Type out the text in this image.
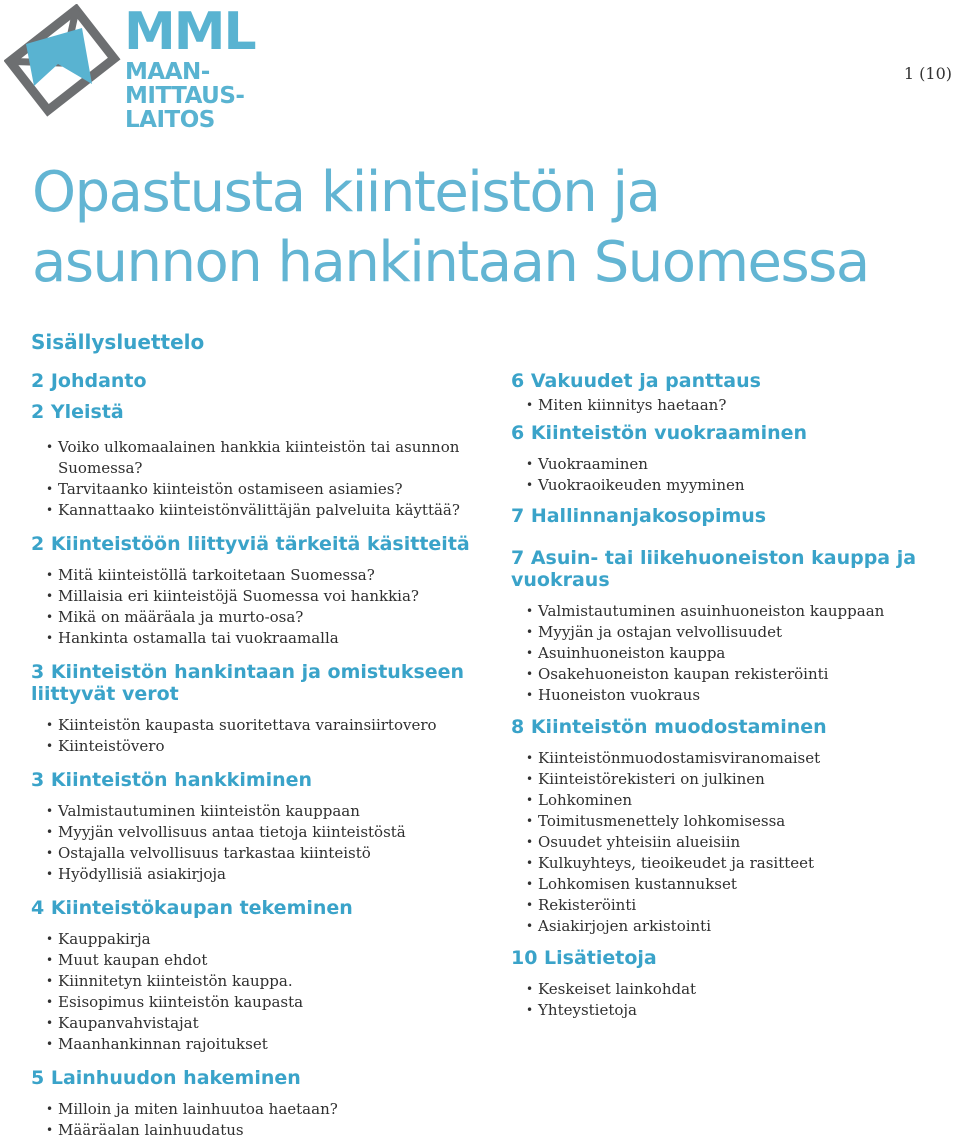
MML
MAAN-
MITTAUS-
LAITOS
1 (10)
Opastusta kiinteistön ja
asunnon hankintaan Suomessa
Sisällysluettelo
2 Johdanto
2 Yleistä
• Voiko ulkomaalainen hankkia kiinteistön tai asunnon Suomessa?
• Tarvitaanko kiinteistön ostamiseen asiamies?
• Kannattaako kiinteistönvälittäjän palveluita käyttää?
2 Kiinteistöön liittyviä tärkeitä käsitteitä
• Mitä kiinteistöllä tarkoitetaan Suomessa?
• Millaisia eri kiinteistöjä Suomessa voi hankkia?
• Mikä on määräala ja murto-osa?
• Hankinta ostamalla tai vuokraamalla
3 Kiinteistön hankintaan ja omistukseen liittyvät verot
• Kiinteistön kaupasta suoritettava varainsiirtovero
• Kiinteistövero
3 Kiinteistön hankkiminen
• Valmistautuminen kiinteistön kauppaan
• Myyjän velvollisuus antaa tietoja kiinteistöstä
• Ostajalla velvollisuus tarkastaa kiinteistö
• Hyödyllisiä asiakirjoja
4 Kiinteistökaupan tekeminen
• Kauppakirja
• Muut kaupan ehdot
• Kiinnitetyn kiinteistön kauppa.
• Esisopimus kiinteistön kaupasta
• Kaupanvahvistajat
• Maanhankinnan rajoitukset
5 Lainhuudon hakeminen
• Milloin ja miten lainhuutoa haetaan?
• Määräalan lainhuudatus
6 Vakuudet ja panttaus
• Miten kiinnitys haetaan?
6 Kiinteistön vuokraaminen
• Vuokraaminen
• Vuokraoikeuden myyminen
7 Hallinnanjakosopimus
7 Asuin- tai liikehuoneiston kauppa ja vuokraus
• Valmistautuminen asuinhuoneiston kauppaan
• Myyjän ja ostajan velvollisuudet
• Asuinhuoneiston kauppa
• Osakehuoneiston kaupan rekisteröinti
• Huoneiston vuokraus
8 Kiinteistön muodostaminen
• Kiinteistönmuodostamisviranomaiset
• Kiinteistörekisteri on julkinen
• Lohkominen
• Toimitusmenettely lohkomisessa
• Osuudet yhteisiin alueisiin
• Kulkuyhteys, tieoikeudet ja rasitteet
• Lohkomisen kustannukset
• Rekisteröinti
• Asiakirjojen arkistointi
10 Lisätietoja
• Keskeiset lainkohdat
• Yhteystietoja
